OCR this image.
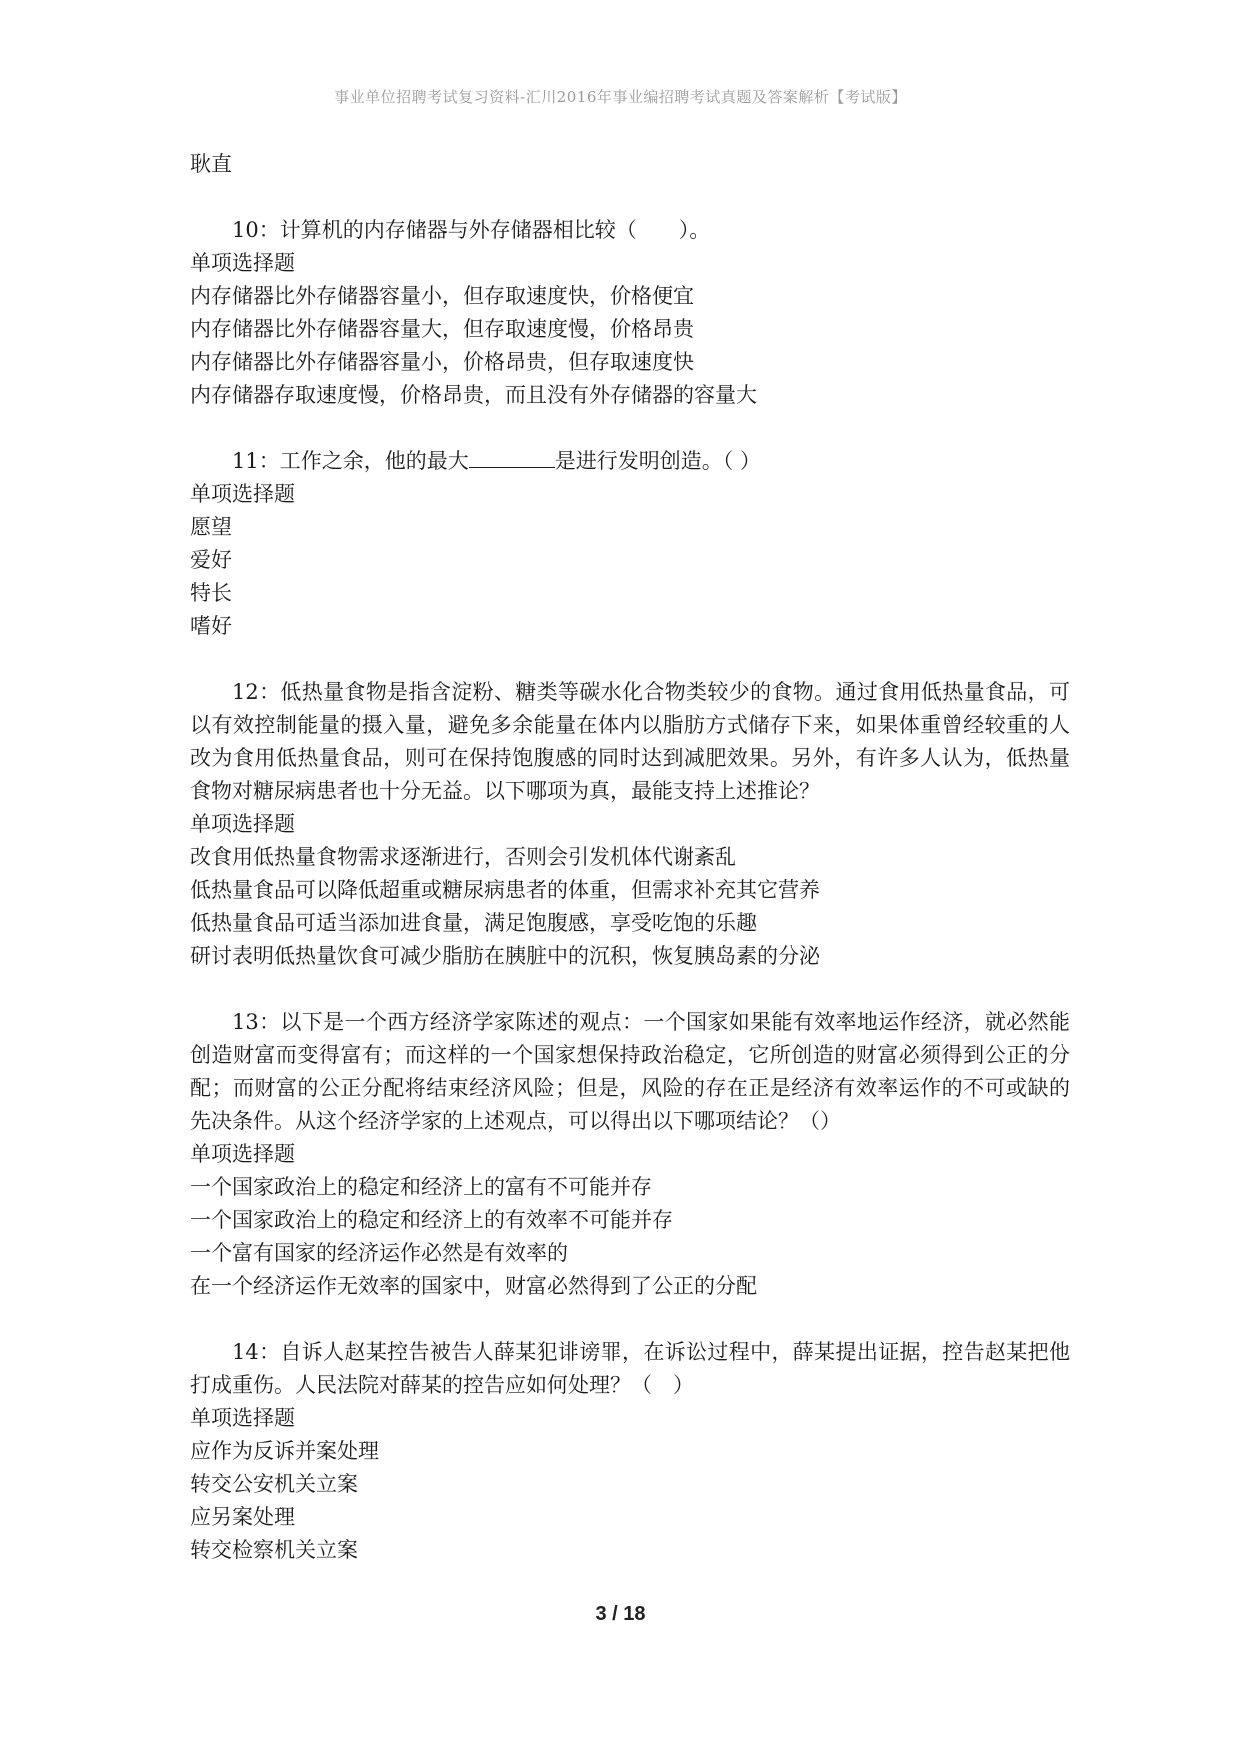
事业单位招聘考试复习资料-汇川2016年事业编招聘考试真题及答案解析【考试版】
耿直
10：计算机的内存储器与外存储器相比较（　　）。
单项选择题
内存储器比外存储器容量小，但存取速度快，价格便宜
内存储器比外存储器容量大，但存取速度慢，价格昂贵
内存储器比外存储器容量小，价格昂贵，但存取速度快
内存储器存取速度慢，价格昂贵，而且没有外存储器的容量大
11：工作之余，他的最大	是进行发明创造。（ ）
单项选择题
愿望
爱好
特长
嗜好
12：低热量食物是指含淀粉、糖类等碳水化合物类较少的食物。通过食用低热量食品，可以有效控制能量的摄入量，避免多余能量在体内以脂肪方式储存下来，如果体重曾经较重的人改为食用低热量食品，则可在保持饱腹感的同时达到减肥效果。另外，有许多人认为，低热量食物对糖尿病患者也十分无益。以下哪项为真，最能支持上述推论？
单项选择题
改食用低热量食物需求逐渐进行，否则会引发机体代谢紊乱
低热量食品可以降低超重或糖尿病患者的体重，但需求补充其它营养
低热量食品可适当添加进食量，满足饱腹感，享受吃饱的乐趣
研讨表明低热量饮食可减少脂肪在胰脏中的沉积，恢复胰岛素的分泌
13：以下是一个西方经济学家陈述的观点：一个国家如果能有效率地运作经济，就必然能创造财富而变得富有；而这样的一个国家想保持政治稳定，它所创造的财富必须得到公正的分配；而财富的公正分配将结束经济风险；但是，风险的存在正是经济有效率运作的不可或缺的先决条件。从这个经济学家的上述观点，可以得出以下哪项结论？（）
单项选择题
一个国家政治上的稳定和经济上的富有不可能并存
一个国家政治上的稳定和经济上的有效率不可能并存
一个富有国家的经济运作必然是有效率的
在一个经济运作无效率的国家中，财富必然得到了公正的分配
14：自诉人赵某控告被告人薛某犯诽谤罪，在诉讼过程中，薛某提出证据，控告赵某把他打成重伤。人民法院对薛某的控告应如何处理？（　）
单项选择题
应作为反诉并案处理
转交公安机关立案
应另案处理
转交检察机关立案
3 / 18
